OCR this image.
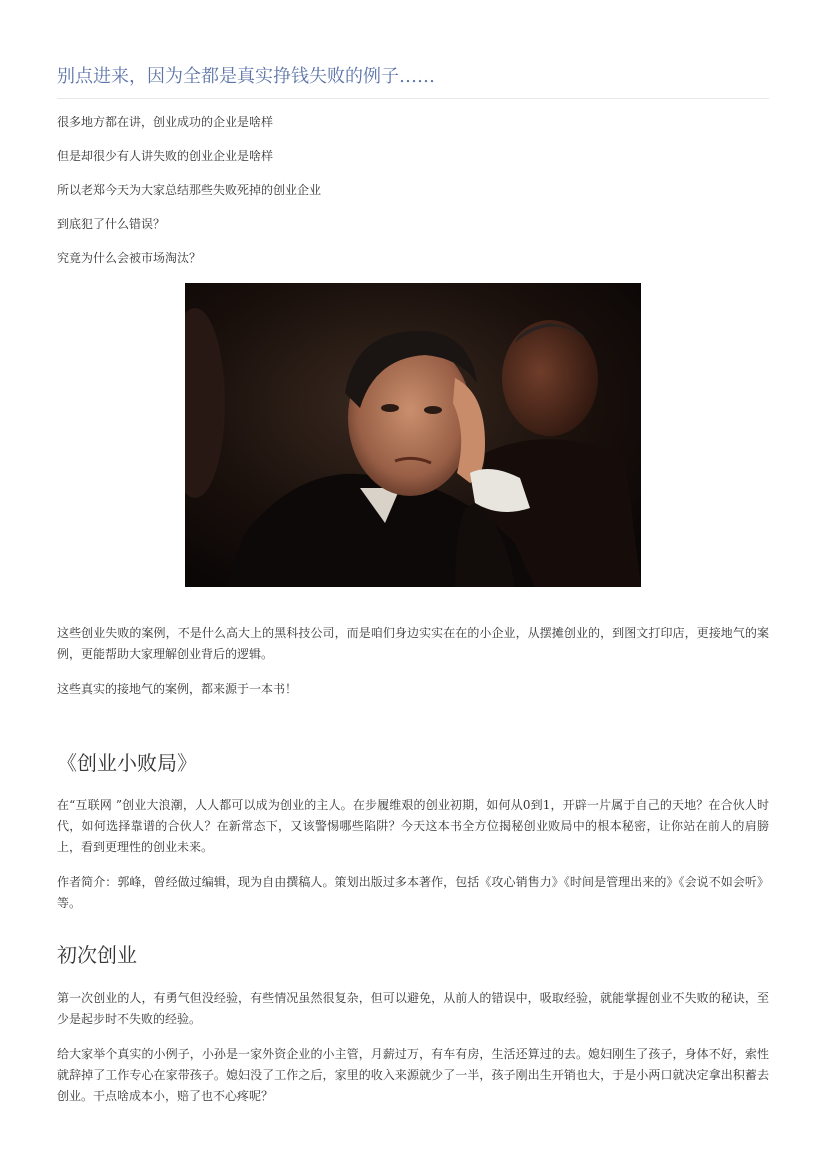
别点进来，因为全都是真实挣钱失败的例子……

很多地方都在讲，创业成功的企业是啥样

但是却很少有人讲失败的创业企业是啥样

所以老郑今天为大家总结那些失败死掉的创业企业

到底犯了什么错误？

究竟为什么会被市场淘汰？

这些创业失败的案例，不是什么高大上的黑科技公司，而是咱们身边实实在在的小企业，从摆摊创业的，到图文打印店，更接地气的案例，更能帮助大家理解创业背后的逻辑。

这些真实的接地气的案例，都来源于一本书！

《创业小败局》

在“互联网 ”创业大浪潮，人人都可以成为创业的主人。在步履维艰的创业初期，如何从0到1，开辟一片属于自己的天地？在合伙人时代，如何选择靠谱的合伙人？在新常态下，又该警惕哪些陷阱？今天这本书全方位揭秘创业败局中的根本秘密，让你站在前人的肩膀上，看到更理性的创业未来。

作者简介：郭峰，曾经做过编辑，现为自由撰稿人。策划出版过多本著作，包括《攻心销售力》《时间是管理出来的》《会说不如会听》等。

初次创业

第一次创业的人，有勇气但没经验，有些情况虽然很复杂，但可以避免，从前人的错误中，吸取经验，就能掌握创业不失败的秘诀，至少是起步时不失败的经验。

给大家举个真实的小例子，小孙是一家外资企业的小主管，月薪过万，有车有房，生活还算过的去。媳妇刚生了孩子，身体不好，索性就辞掉了工作专心在家带孩子。媳妇没了工作之后，家里的收入来源就少了一半，孩子刚出生开销也大，于是小两口就决定拿出积蓄去创业。干点啥成本小，赔了也不心疼呢？
